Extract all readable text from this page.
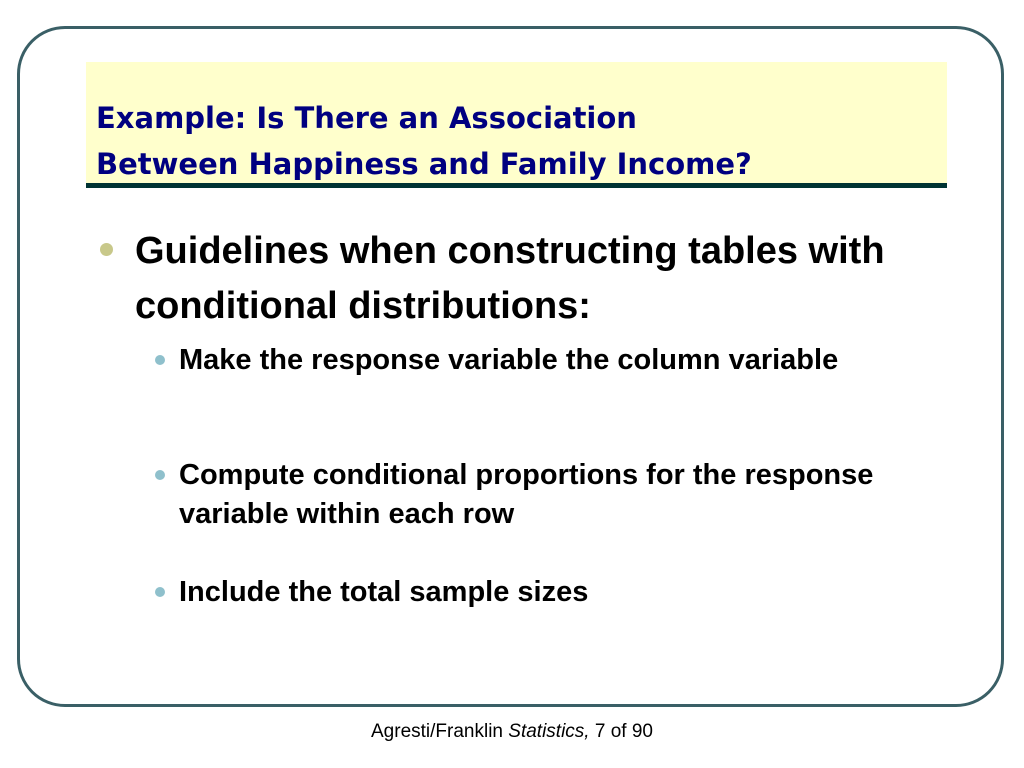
Example: Is There an Association
Between Happiness and Family Income?
Guidelines when constructing tables with conditional distributions:
Make the response variable the column variable
Compute conditional proportions for the response variable within each row
Include the total sample sizes
Agresti/Franklin Statistics, 7 of 90
